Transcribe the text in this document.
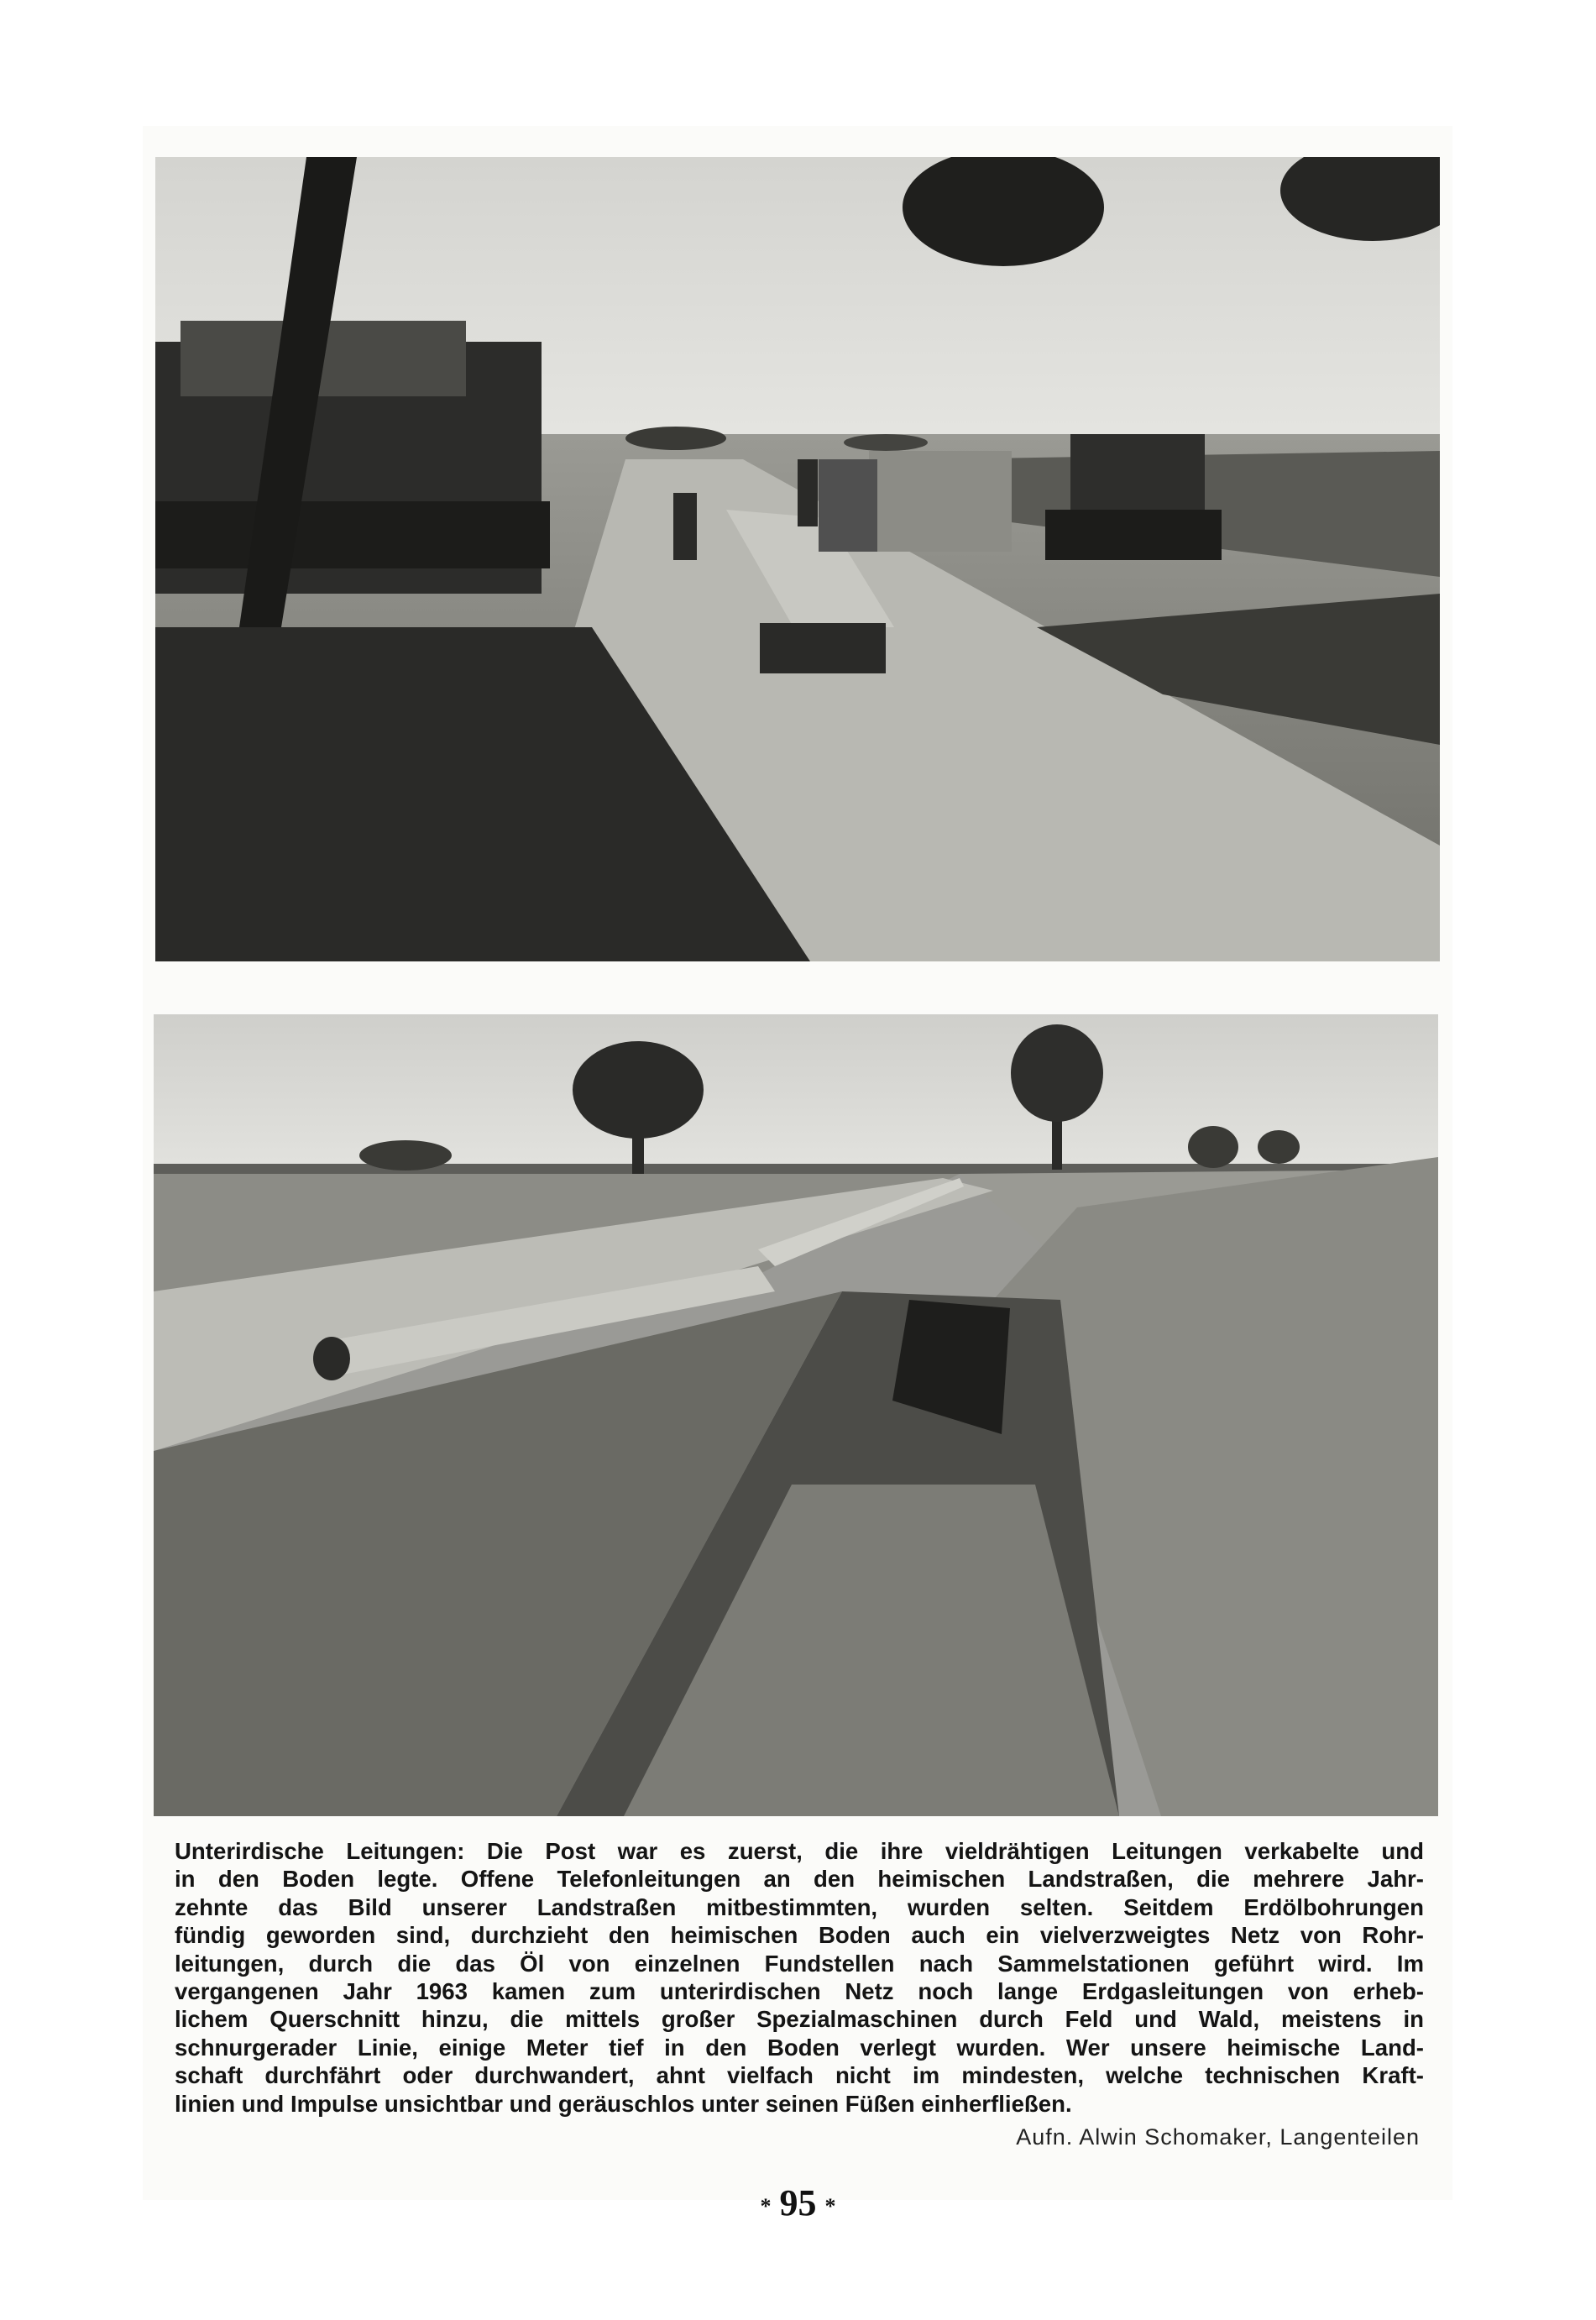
Unterirdische Leitungen: Die Post war es zuerst, die ihre vieldrähtigen Leitungen verkabelte und
in den Boden legte. Offene Telefonleitungen an den heimischen Landstraßen, die mehrere Jahr-
zehnte das Bild unserer Landstraßen mitbestimmten, wurden selten. Seitdem Erdölbohrungen
fündig geworden sind, durchzieht den heimischen Boden auch ein vielverzweigtes Netz von Rohr-
leitungen, durch die das Öl von einzelnen Fundstellen nach Sammelstationen geführt wird. Im
vergangenen Jahr 1963 kamen zum unterirdischen Netz noch lange Erdgasleitungen von erheb-
lichem Querschnitt hinzu, die mittels großer Spezialmaschinen durch Feld und Wald, meistens in
schnurgerader Linie, einige Meter tief in den Boden verlegt wurden. Wer unsere heimische Land-
schaft durchfährt oder durchwandert, ahnt vielfach nicht im mindesten, welche technischen Kraft-
linien und Impulse unsichtbar und geräuschlos unter seinen Füßen einherfließen.
Aufn. Alwin Schomaker, Langenteilen
* 95 *
